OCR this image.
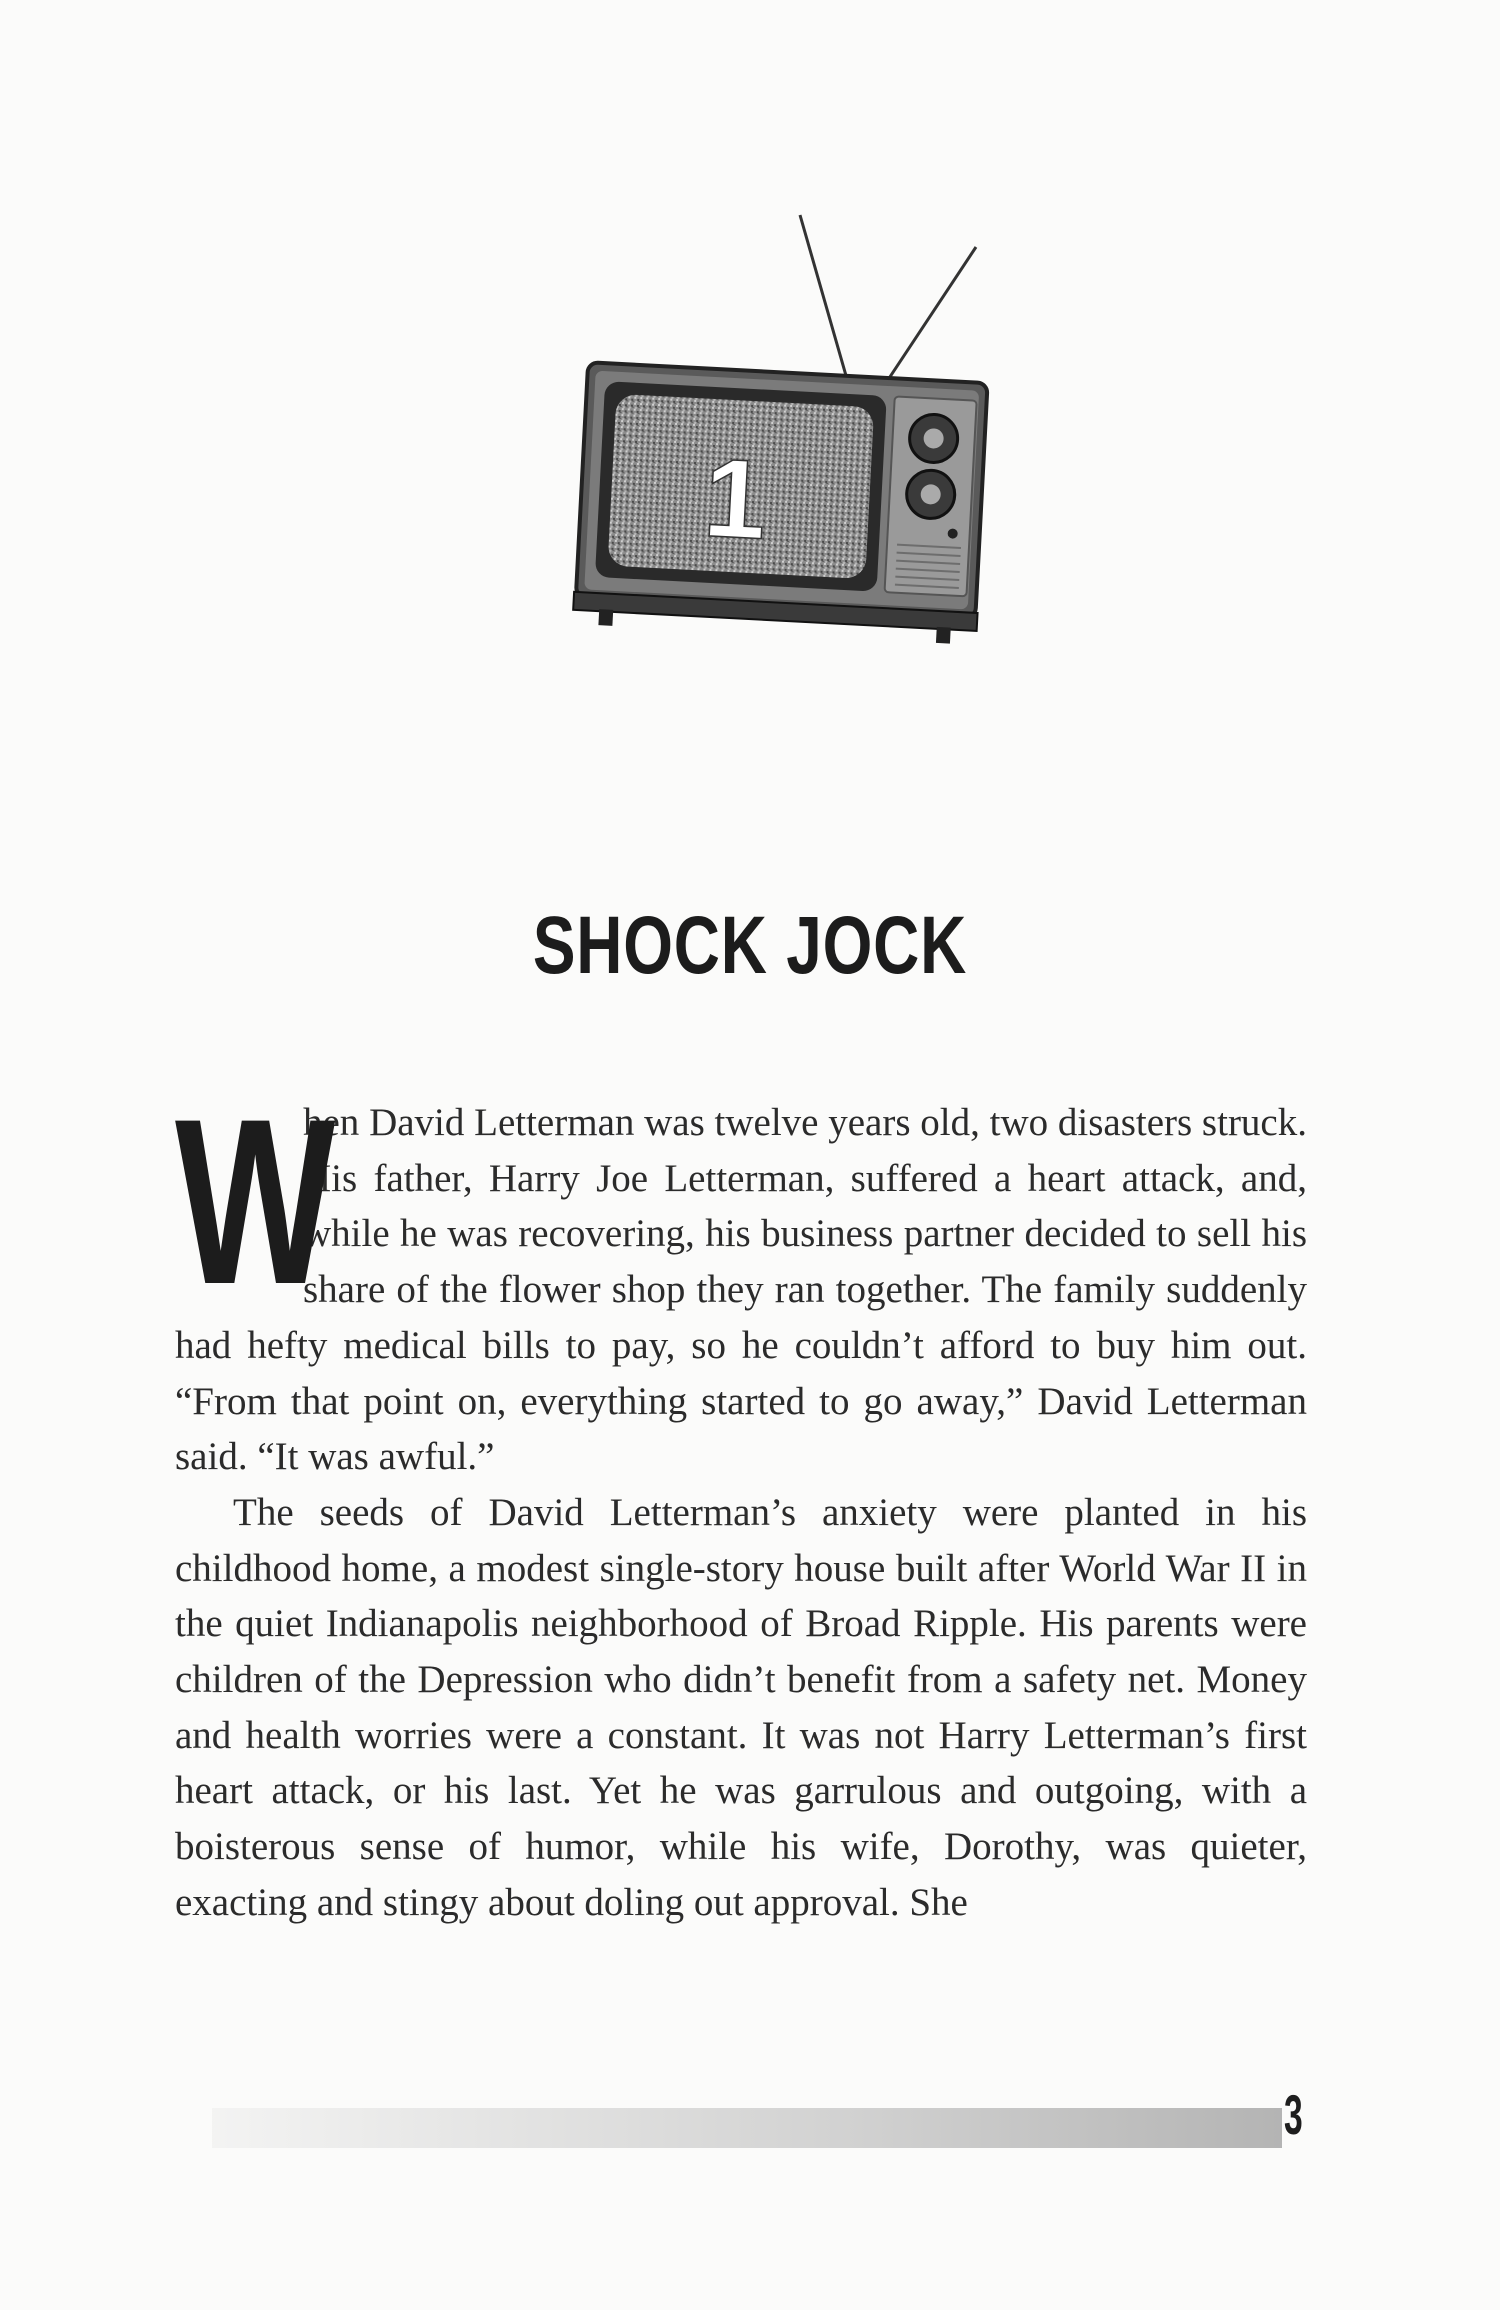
1
SHOCK JOCK

W
hen David Letterman was twelve years old, two disasters struck. His father, Harry Joe Letterman, suffered a heart attack, and, while he was recovering, his business partner decided to sell his share of the flower shop they ran together. The family suddenly had hefty medical bills to pay, so he couldn’t afford to buy him out. “From that point on, everything started to go away,” David Letterman said. “It was awful.”

The seeds of David Letterman’s anxiety were planted in his childhood home, a modest single-story house built after World War II in the quiet Indianapolis neighborhood of Broad Ripple. His parents were children of the Depression who didn’t benefit from a safety net. Money and health worries were a constant. It was not Harry Letterman’s first heart attack, or his last. Yet he was garrulous and outgoing, with a boisterous sense of humor, while his wife, Dorothy, was quieter, exacting and stingy about doling out approval. She

3
